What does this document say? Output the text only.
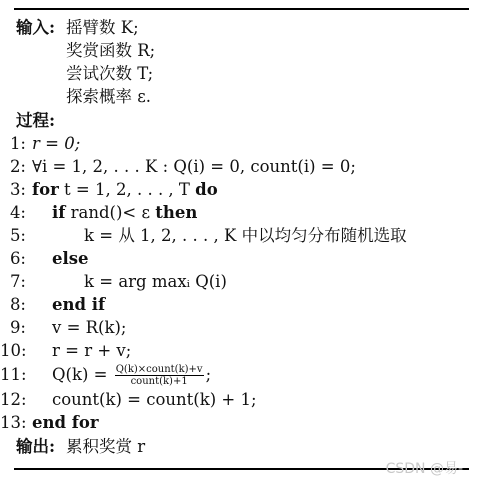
输入: 摇臂数 K;
奖赏函数 R;
尝试次数 T;
探索概率 ε.
过程:
1: r = 0;
2: ∀i = 1, 2, . . . K : Q(i) = 0, count(i) = 0;
3: for t = 1, 2, . . . , T do
4: if rand()< ε then
5:	k = 从 1, 2, . . . , K 中以均匀分布随机选取
6: else
7:	k = arg maxᵢ Q(i)
8: end if
9: v = R(k);
10: r = r + v;
11: $Q(k) = \frac{\text{Q(k)×count(k)+v}}{\text{count(k)+1}}$ ;
12: count(k) = count(k) + 1;
13: end for
输出: 累积奖赏 r
CSDN @易-
